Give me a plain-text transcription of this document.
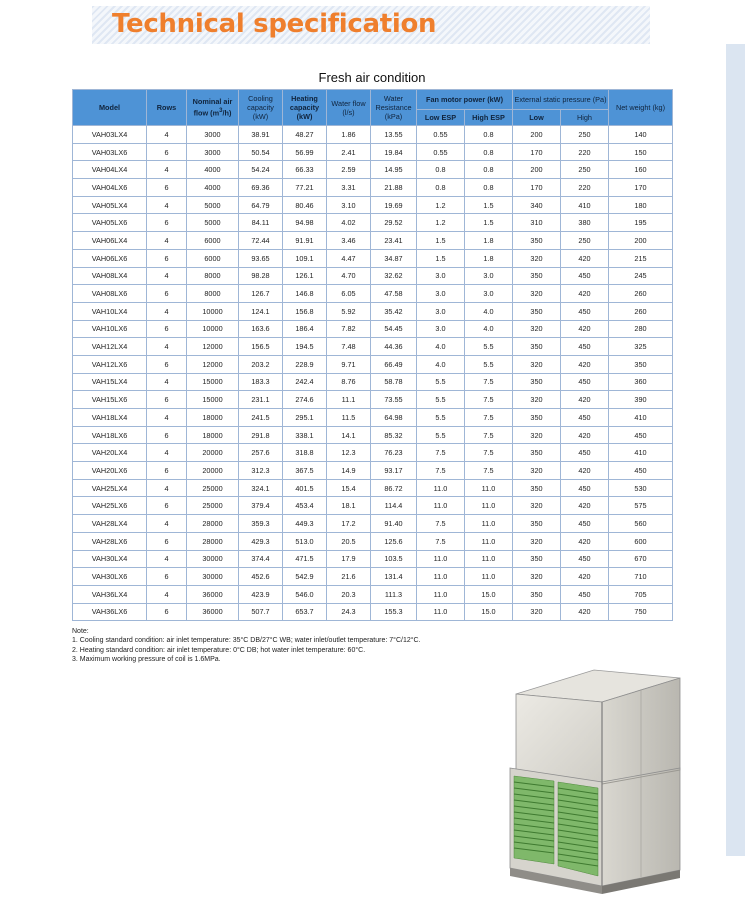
Technical specification
Fresh air condition
Model	Rows	Nominal air flow $(m^3/h)$	Cooling capacity (kW)	Heating capacity (kW)	Water flow (l/s)	Water Resistance (kPa)	Fan motor power (kW)		External static pressure (Pa)		Net weight (kg)
							Low ESP	High ESP	Low	High	
VAH03LX4	4	3000	38.91	48.27	1.86	13.55	0.55	0.8	200	250	140
VAH03LX6	6	3000	50.54	56.99	2.41	19.84	0.55	0.8	170	220	150
VAH04LX4	4	4000	54.24	66.33	2.59	14.95	0.8	0.8	200	250	160
VAH04LX6	6	4000	69.36	77.21	3.31	21.88	0.8	0.8	170	220	170
VAH05LX4	4	5000	64.79	80.46	3.10	19.69	1.2	1.5	340	410	180
VAH05LX6	6	5000	84.11	94.98	4.02	29.52	1.2	1.5	310	380	195
VAH06LX4	4	6000	72.44	91.91	3.46	23.41	1.5	1.8	350	250	200
VAH06LX6	6	6000	93.65	109.1	4.47	34.87	1.5	1.8	320	420	215
VAH08LX4	4	8000	98.28	126.1	4.70	32.62	3.0	3.0	350	450	245
VAH08LX6	6	8000	126.7	146.8	6.05	47.58	3.0	3.0	320	420	260
VAH10LX4	4	10000	124.1	156.8	5.92	35.42	3.0	4.0	350	450	260
VAH10LX6	6	10000	163.6	186.4	7.82	54.45	3.0	4.0	320	420	280
VAH12LX4	4	12000	156.5	194.5	7.48	44.36	4.0	5.5	350	450	325
VAH12LX6	6	12000	203.2	228.9	9.71	66.49	4.0	5.5	320	420	350
VAH15LX4	4	15000	183.3	242.4	8.76	58.78	5.5	7.5	350	450	360
VAH15LX6	6	15000	231.1	274.6	11.1	73.55	5.5	7.5	320	420	390
VAH18LX4	4	18000	241.5	295.1	11.5	64.98	5.5	7.5	350	450	410
VAH18LX6	6	18000	291.8	338.1	14.1	85.32	5.5	7.5	320	420	450
VAH20LX4	4	20000	257.6	318.8	12.3	76.23	7.5	7.5	350	450	410
VAH20LX6	6	20000	312.3	367.5	14.9	93.17	7.5	7.5	320	420	450
VAH25LX4	4	25000	324.1	401.5	15.4	86.72	11.0	11.0	350	450	530
VAH25LX6	6	25000	379.4	453.4	18.1	114.4	11.0	11.0	320	420	575
VAH28LX4	4	28000	359.3	449.3	17.2	91.40	7.5	11.0	350	450	560
VAH28LX6	6	28000	429.3	513.0	20.5	125.6	7.5	11.0	320	420	600
VAH30LX4	4	30000	374.4	471.5	17.9	103.5	11.0	11.0	350	450	670
VAH30LX6	6	30000	452.6	542.9	21.6	131.4	11.0	11.0	320	420	710
VAH36LX4	4	36000	423.9	546.0	20.3	111.3	11.0	15.0	350	450	705
VAH36LX6	6	36000	507.7	653.7	24.3	155.3	11.0	15.0	320	420	750
Note:
1. Cooling standard condition: air inlet temperature: 35°C DB/27°C WB; water inlet/outlet temperature: 7°C/12°C.
2. Heating standard condition: air inlet temperature: 0°C DB; hot water inlet temperature: 60°C.
3. Maximum working pressure of coil is 1.6MPa.
